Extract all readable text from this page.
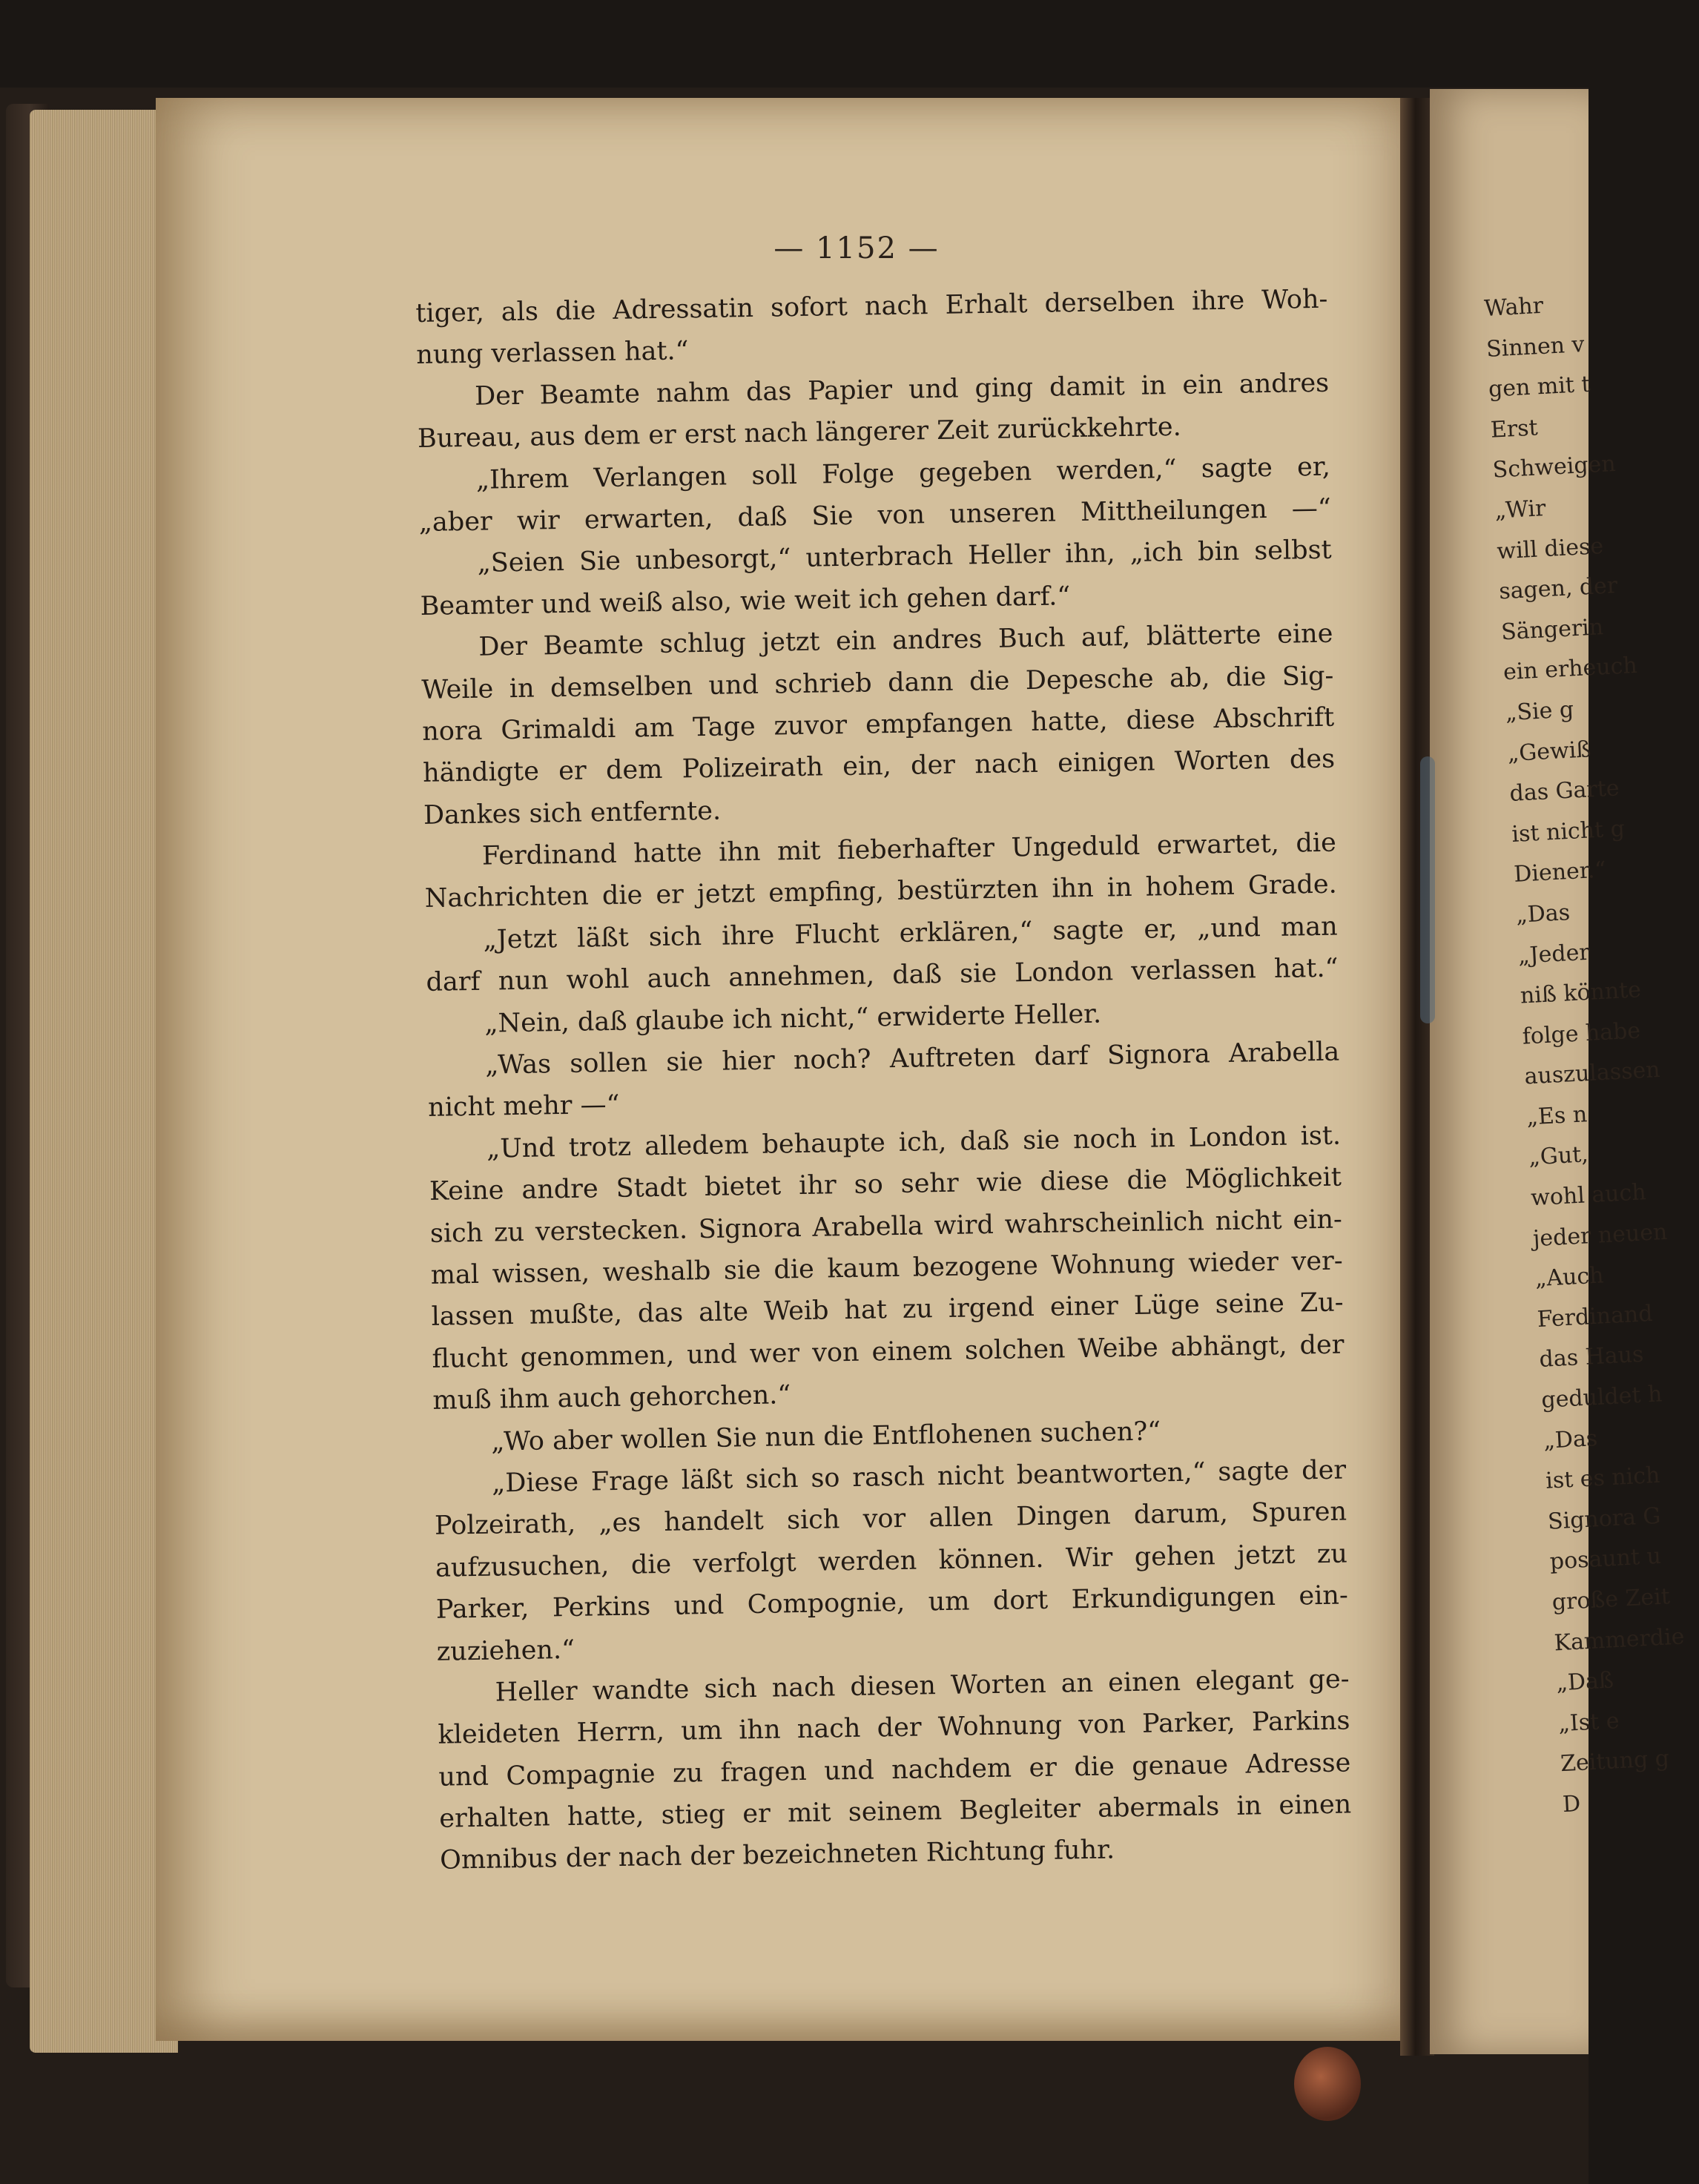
— 1152 —
tiger, als die Adressatin sofort nach Erhalt derselben ihre Woh-
nung verlassen hat.“
Der Beamte nahm das Papier und ging damit in ein andres
Bureau, aus dem er erst nach längerer Zeit zurückkehrte.
„Ihrem Verlangen soll Folge gegeben werden,“ sagte er,
„aber wir erwarten, daß Sie von unseren Mittheilungen —“
„Seien Sie unbesorgt,“ unterbrach Heller ihn, „ich bin selbst
Beamter und weiß also, wie weit ich gehen darf.“
Der Beamte schlug jetzt ein andres Buch auf, blätterte eine
Weile in demselben und schrieb dann die Depesche ab, die Sig-
nora Grimaldi am Tage zuvor empfangen hatte, diese Abschrift
händigte er dem Polizeirath ein, der nach einigen Worten des
Dankes sich entfernte.
Ferdinand hatte ihn mit fieberhafter Ungeduld erwartet, die
Nachrichten die er jetzt empfing, bestürzten ihn in hohem Grade.
„Jetzt läßt sich ihre Flucht erklären,“ sagte er, „und man
darf nun wohl auch annehmen, daß sie London verlassen hat.“
„Nein, daß glaube ich nicht,“ erwiderte Heller.
„Was sollen sie hier noch? Auftreten darf Signora Arabella
nicht mehr —“
„Und trotz alledem behaupte ich, daß sie noch in London ist.
Keine andre Stadt bietet ihr so sehr wie diese die Möglichkeit
sich zu verstecken. Signora Arabella wird wahrscheinlich nicht ein-
mal wissen, weshalb sie die kaum bezogene Wohnung wieder ver-
lassen mußte, das alte Weib hat zu irgend einer Lüge seine Zu-
flucht genommen, und wer von einem solchen Weibe abhängt, der
muß ihm auch gehorchen.“
„Wo aber wollen Sie nun die Entflohenen suchen?“
„Diese Frage läßt sich so rasch nicht beantworten,“ sagte der
Polzeirath, „es handelt sich vor allen Dingen darum, Spuren
aufzusuchen, die verfolgt werden können. Wir gehen jetzt zu
Parker, Perkins und Compognie, um dort Erkundigungen ein-
zuziehen.“
Heller wandte sich nach diesen Worten an einen elegant ge-
kleideten Herrn, um ihn nach der Wohnung von Parker, Parkins
und Compagnie zu fragen und nachdem er die genaue Adresse
erhalten hatte, stieg er mit seinem Begleiter abermals in einen
Omnibus der nach der bezeichneten Richtung fuhr.
Wahr
Sinnen v
gen mit t
Erst
Schweigen
„Wir
will diese
sagen, der
Sängerin
ein erheuch
„Sie g
„Gewiß
das Garte
ist nicht g
Diener.“
„Das
„Jeder
niß könnte
folge habe
auszulassen
„Es n
„Gut,
wohl auch
jeder neuen
„Auch
Ferdinand
das Haus
geduldet h
„Das
ist es nich
Signora G
posaunt u
große Zeit
Kammerdie
„Daß
„Ist e
Zeitung g
D
